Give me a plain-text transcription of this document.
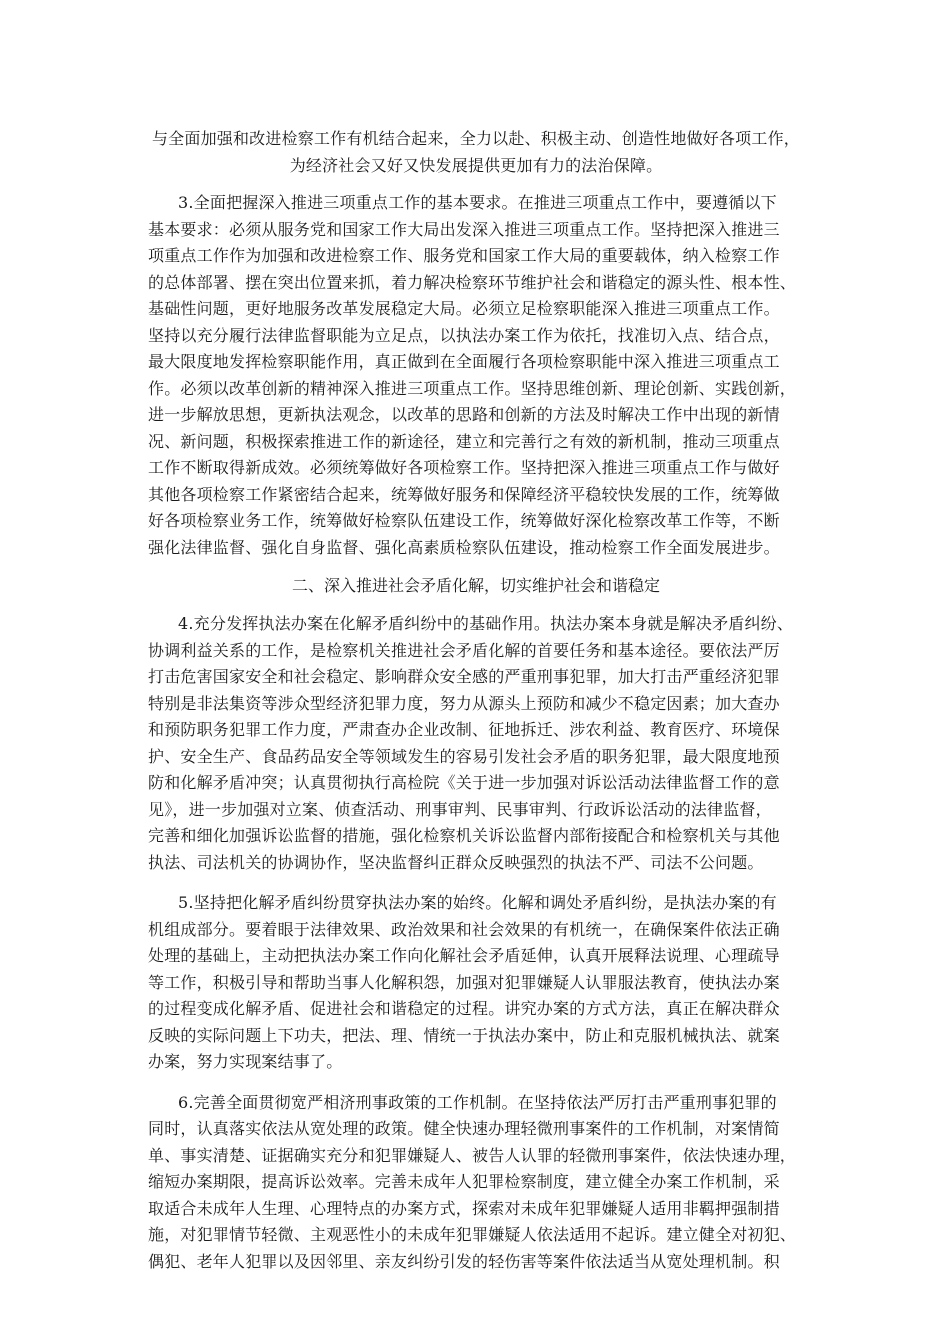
与全面加强和改进检察工作有机结合起来，全力以赴、积极主动、创造性地做好各项工作，
为经济社会又好又快发展提供更加有力的法治保障。
3.全面把握深入推进三项重点工作的基本要求。在推进三项重点工作中，要遵循以下
基本要求：必须从服务党和国家工作大局出发深入推进三项重点工作。坚持把深入推进三
项重点工作作为加强和改进检察工作、服务党和国家工作大局的重要载体，纳入检察工作
的总体部署、摆在突出位置来抓，着力解决检察环节维护社会和谐稳定的源头性、根本性、
基础性问题，更好地服务改革发展稳定大局。必须立足检察职能深入推进三项重点工作。
坚持以充分履行法律监督职能为立足点，以执法办案工作为依托，找准切入点、结合点，
最大限度地发挥检察职能作用，真正做到在全面履行各项检察职能中深入推进三项重点工
作。必须以改革创新的精神深入推进三项重点工作。坚持思维创新、理论创新、实践创新，
进一步解放思想，更新执法观念，以改革的思路和创新的方法及时解决工作中出现的新情
况、新问题，积极探索推进工作的新途径，建立和完善行之有效的新机制，推动三项重点
工作不断取得新成效。必须统筹做好各项检察工作。坚持把深入推进三项重点工作与做好
其他各项检察工作紧密结合起来，统筹做好服务和保障经济平稳较快发展的工作，统筹做
好各项检察业务工作，统筹做好检察队伍建设工作，统筹做好深化检察改革工作等，不断
强化法律监督、强化自身监督、强化高素质检察队伍建设，推动检察工作全面发展进步。
二、深入推进社会矛盾化解，切实维护社会和谐稳定
4.充分发挥执法办案在化解矛盾纠纷中的基础作用。执法办案本身就是解决矛盾纠纷、
协调利益关系的工作，是检察机关推进社会矛盾化解的首要任务和基本途径。要依法严厉
打击危害国家安全和社会稳定、影响群众安全感的严重刑事犯罪，加大打击严重经济犯罪
特别是非法集资等涉众型经济犯罪力度，努力从源头上预防和减少不稳定因素；加大查办
和预防职务犯罪工作力度，严肃查办企业改制、征地拆迁、涉农利益、教育医疗、环境保
护、安全生产、食品药品安全等领域发生的容易引发社会矛盾的职务犯罪，最大限度地预
防和化解矛盾冲突；认真贯彻执行高检院《关于进一步加强对诉讼活动法律监督工作的意
见》，进一步加强对立案、侦查活动、刑事审判、民事审判、行政诉讼活动的法律监督，
完善和细化加强诉讼监督的措施，强化检察机关诉讼监督内部衔接配合和检察机关与其他
执法、司法机关的协调协作，坚决监督纠正群众反映强烈的执法不严、司法不公问题。
5.坚持把化解矛盾纠纷贯穿执法办案的始终。化解和调处矛盾纠纷，是执法办案的有
机组成部分。要着眼于法律效果、政治效果和社会效果的有机统一，在确保案件依法正确
处理的基础上，主动把执法办案工作向化解社会矛盾延伸，认真开展释法说理、心理疏导
等工作，积极引导和帮助当事人化解积怨，加强对犯罪嫌疑人认罪服法教育，使执法办案
的过程变成化解矛盾、促进社会和谐稳定的过程。讲究办案的方式方法，真正在解决群众
反映的实际问题上下功夫，把法、理、情统一于执法办案中，防止和克服机械执法、就案
办案，努力实现案结事了。
6.完善全面贯彻宽严相济刑事政策的工作机制。在坚持依法严厉打击严重刑事犯罪的
同时，认真落实依法从宽处理的政策。健全快速办理轻微刑事案件的工作机制，对案情简
单、事实清楚、证据确实充分和犯罪嫌疑人、被告人认罪的轻微刑事案件，依法快速办理，
缩短办案期限，提高诉讼效率。完善未成年人犯罪检察制度，建立健全办案工作机制，采
取适合未成年人生理、心理特点的办案方式，探索对未成年犯罪嫌疑人适用非羁押强制措
施，对犯罪情节轻微、主观恶性小的未成年犯罪嫌疑人依法适用不起诉。建立健全对初犯、
偶犯、老年人犯罪以及因邻里、亲友纠纷引发的轻伤害等案件依法适当从宽处理机制。积
